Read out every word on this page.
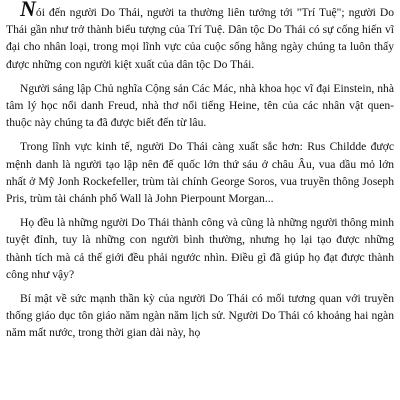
Nói đến người Do Thái, người ta thường liên tưởng tới "Trí Tuệ"; người Do Thái gần như trở thành biểu tượng của Trí Tuệ. Dân tộc Do Thái có sự cống hiến vĩ đại cho nhân loại, trong mọi lĩnh vực của cuộc sống hằng ngày chúng ta luôn thấy được những con người kiệt xuất của dân tộc Do Thái.

Người sáng lập Chủ nghĩa Cộng sản Các Mác, nhà khoa học vĩ đại Einstein, nhà tâm lý học nổi danh Freud, nhà thơ nổi tiếng Heine, tên của các nhân vật quen-thuộc này chúng ta đã được biết đến từ lâu.

Trong lĩnh vực kinh tế, người Do Thái càng xuất sắc hơn: Rus Childde được mệnh danh là người tạo lập nên đế quốc lớn thứ sáu ở châu Âu, vua dầu mỏ lớn nhất ở Mỹ Jonh Rockefeller, trùm tài chính George Soros, vua truyền thông Joseph Pris, trùm tài chánh phố Wall là John Pierpount Morgan...

Họ đều là những người Do Thái thành công và cũng là những người thông minh tuyệt đỉnh, tuy là những con người bình thường, nhưng họ lại tạo được những thành tích mà cả thế giới đều phải ngước nhìn. Điều gì đã giúp họ đạt được thành công như vậy?

Bí mật về sức mạnh thần kỳ của người Do Thái có mối tương quan với truyền thống giáo dục tôn giáo năm ngàn năm lịch sử. Người Do Thái có khoảng hai ngàn năm mất nước, trong thời gian dài này, họ
